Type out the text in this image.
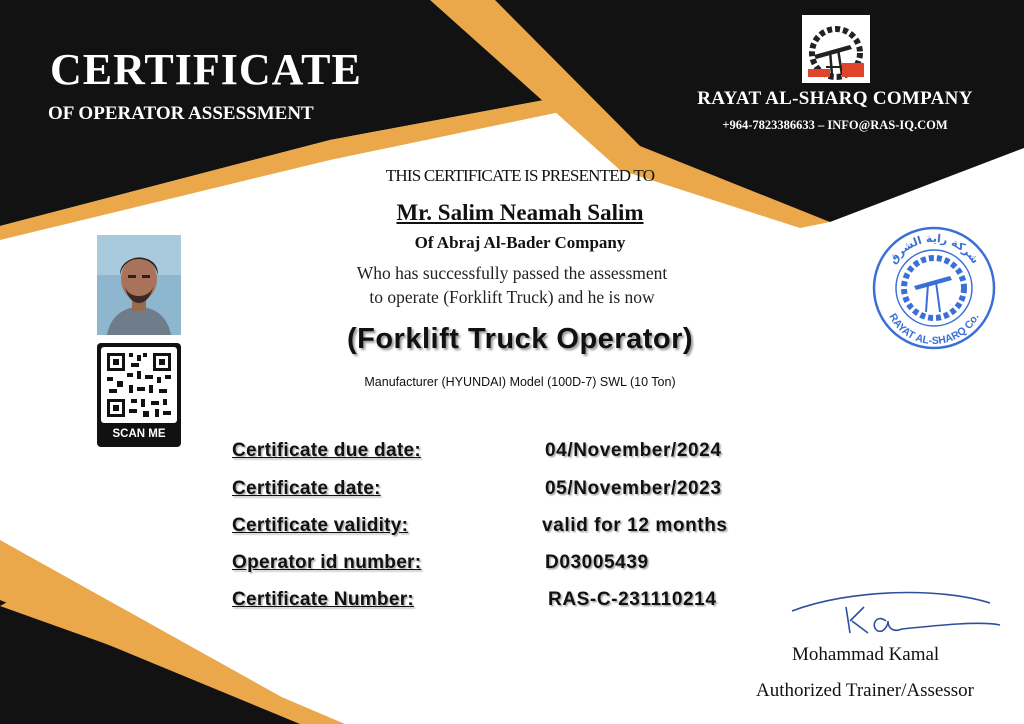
CERTIFICATE
OF OPERATOR ASSESSMENT
RAYAT AL-SHARQ COMPANY
+964-7823386633 – INFO@RAS-IQ.COM
شركة راية الشرق
RAYAT AL-SHARQ Co.
SCAN ME
THIS CERTIFICATE IS PRESENTED TO
Mr. Salim Neamah Salim
Of Abraj Al-Bader Company
Who has successfully passed the assessment
to operate (Forklift Truck) and he is now
(Forklift Truck Operator)
Manufacturer (HYUNDAI) Model (100D-7) SWL (10 Ton)
Certificate due date:	04/November/2024
Certificate date:	05/November/2023
Certificate validity:	valid for 12 months
Operator id number:	D03005439
Certificate Number:	RAS-C-231110214
Mohammad Kamal
Authorized Trainer/Assessor
